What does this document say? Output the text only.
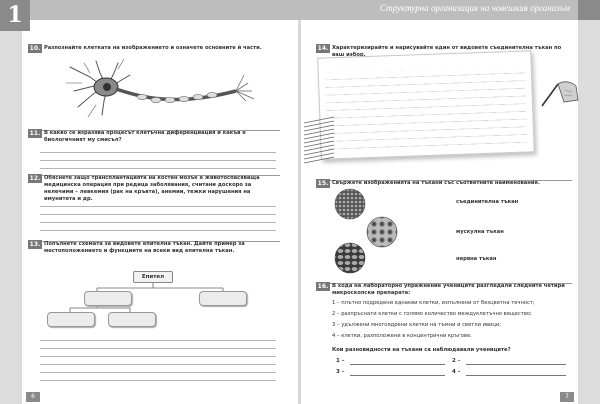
1	Структурна организация на човешкия организъм
10. Разпознайте клетката на изображението и означете основните ѝ части.
11. В какво се изразява процесът клетъчна диференциация и какъв е биологичният му смисъл?
12. Обяснете защо трансплантацията на костен мозък е животоспасяваща медицинска операция при редица заболявания, считани доскоро за нелечими – левкемия (рак на кръвта), анемии, тежки нарушения на имунитета и др.
13. Попълнете схемата за видовете епителна тъкан. Дайте пример за местоположението и функциите на всеки вид епителна тъкан.
Епител
6
14. Характеризирайте и нарисувайте един от видовете съединителна тъкан по ваш избор.
15. Свържете изображенията на тъкани със съответните наименования.
съединителна тъкан
мускулна тъкан
нервна тъкан
16. В хода на лабораторно упражнение учениците разгледали следните четири микроскопски препарата:
1 – плътно подредени еднакви клетки, изпълнени от безцветна течност;
2 – разпръснати клетки с голямо количество междуклетъчно вещество;
3 – удължени многоядрени клетки на тъмни и светли ивици;
4 – клетки, разположени в концентрични кръгове.
Кои разновидности на тъкани са наблюдавали учениците?
1 –	2 –
3 –	4 –
7
